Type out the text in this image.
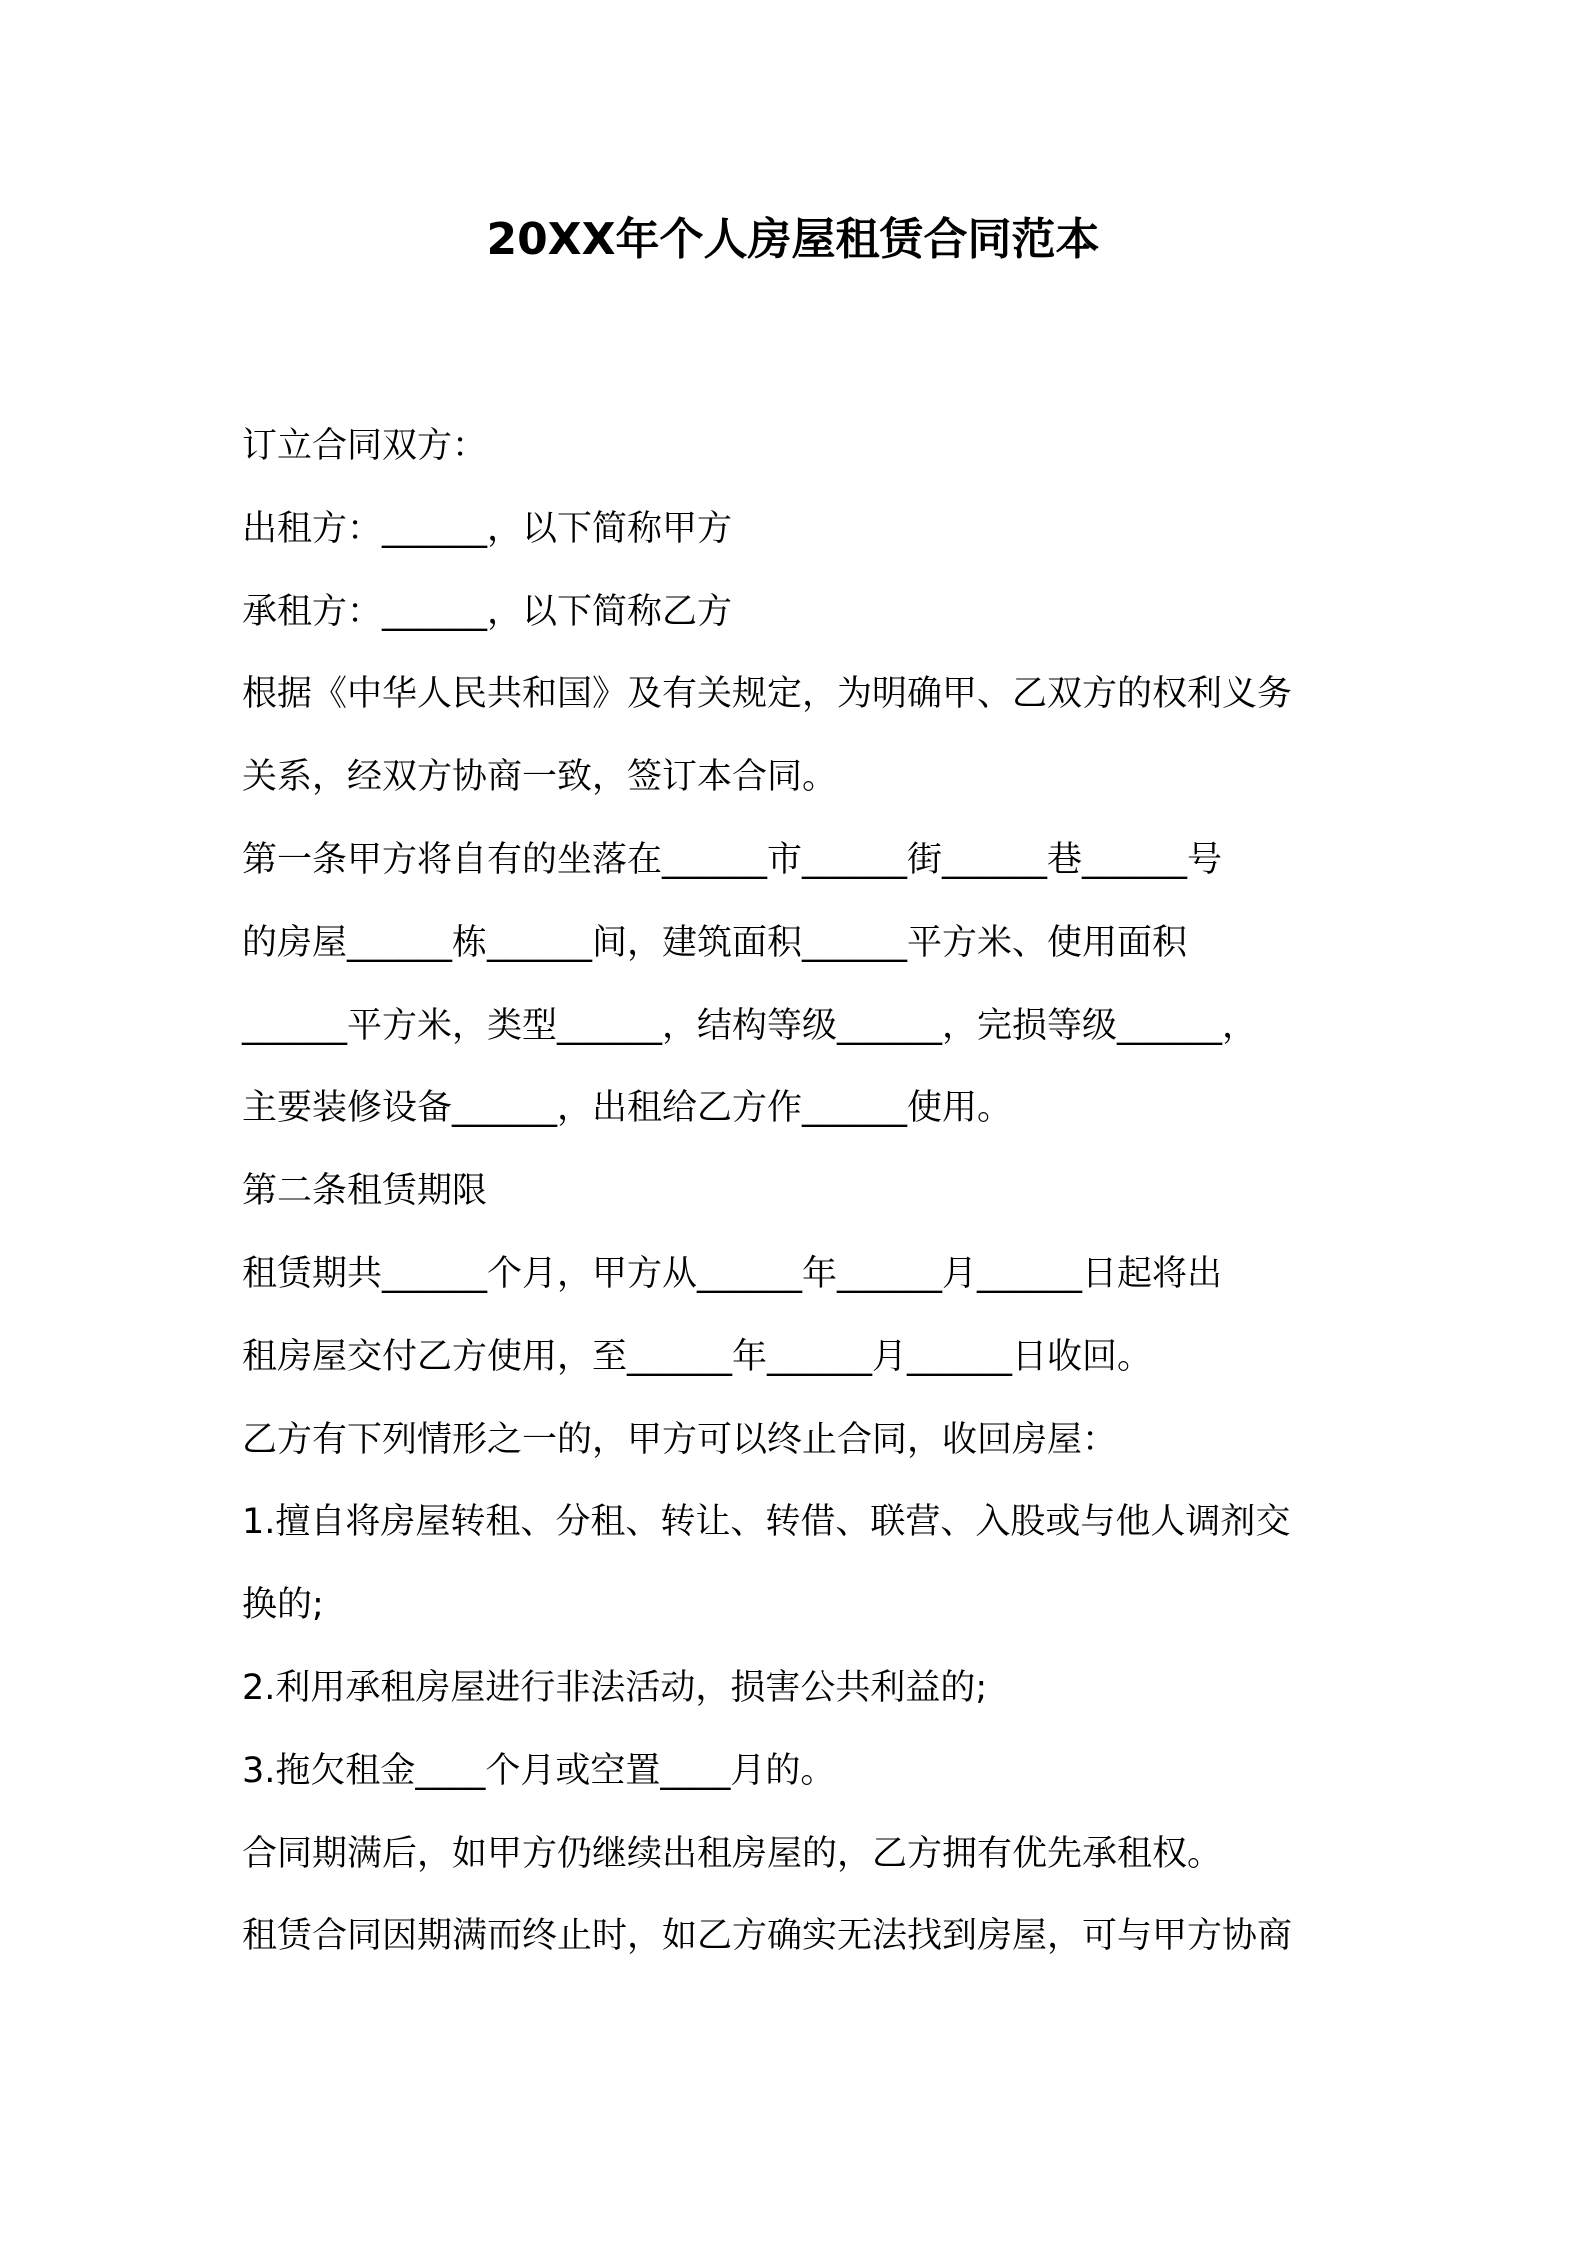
20XX年个人房屋租赁合同范本
订立合同双方：
出租方：______，以下简称甲方
承租方：______，以下简称乙方
根据《中华人民共和国》及有关规定，为明确甲、乙双方的权利义务
关系，经双方协商一致，签订本合同。
第一条甲方将自有的坐落在______市______街______巷______号
的房屋______栋______间，建筑面积______平方米、使用面积
______平方米，类型______，结构等级______，完损等级______，
主要装修设备______，出租给乙方作______使用。
第二条租赁期限
租赁期共______个月，甲方从______年______月______日起将出
租房屋交付乙方使用，至______年______月______日收回。
乙方有下列情形之一的，甲方可以终止合同，收回房屋：
1.擅自将房屋转租、分租、转让、转借、联营、入股或与他人调剂交
换的;
2.利用承租房屋进行非法活动，损害公共利益的;
3.拖欠租金____个月或空置____月的。
合同期满后，如甲方仍继续出租房屋的，乙方拥有优先承租权。
租赁合同因期满而终止时，如乙方确实无法找到房屋，可与甲方协商
